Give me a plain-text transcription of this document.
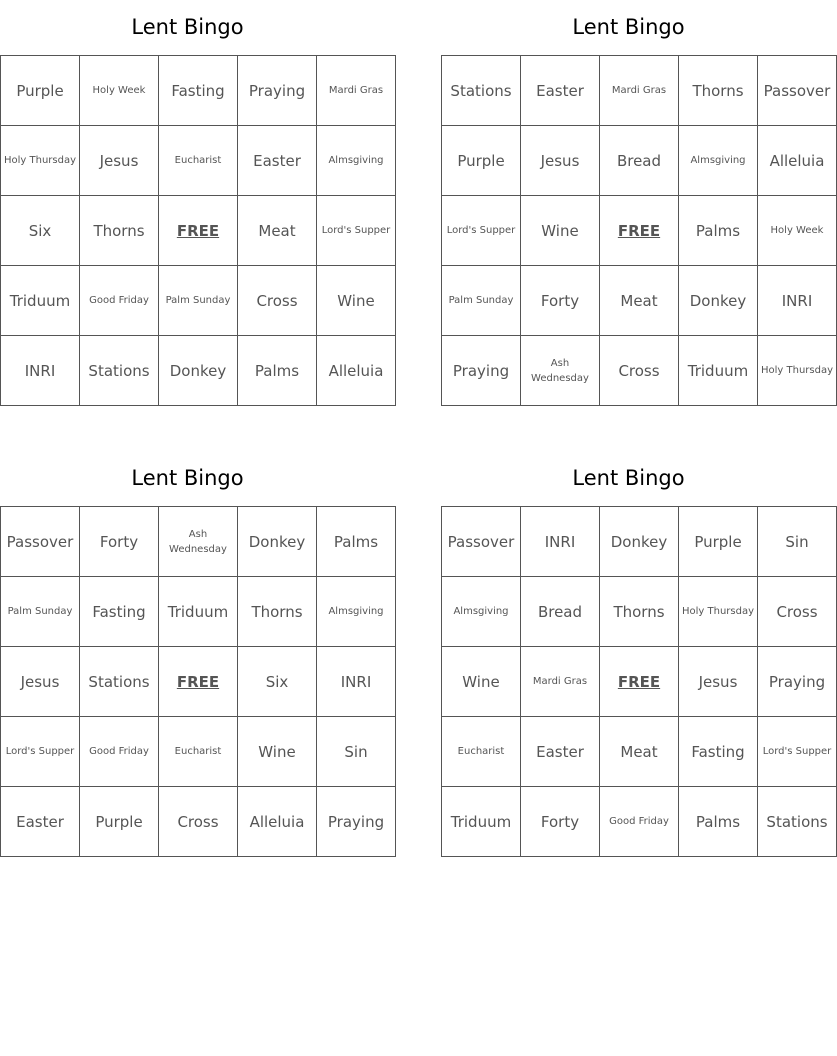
Lent Bingo
Purple	Holy Week	Fasting	Praying	Mardi Gras
Holy Thursday	Jesus	Eucharist	Easter	Almsgiving
Six	Thorns	FREE	Meat	Lord's Supper
Triduum	Good Friday	Palm Sunday	Cross	Wine
INRI	Stations	Donkey	Palms	Alleluia
Lent Bingo
Stations	Easter	Mardi Gras	Thorns	Passover
Purple	Jesus	Bread	Almsgiving	Alleluia
Lord's Supper	Wine	FREE	Palms	Holy Week
Palm Sunday	Forty	Meat	Donkey	INRI
Praying	Ash Wednesday	Cross	Triduum	Holy Thursday
Lent Bingo
Passover	Forty	Ash Wednesday	Donkey	Palms
Palm Sunday	Fasting	Triduum	Thorns	Almsgiving
Jesus	Stations	FREE	Six	INRI
Lord's Supper	Good Friday	Eucharist	Wine	Sin
Easter	Purple	Cross	Alleluia	Praying
Lent Bingo
Passover	INRI	Donkey	Purple	Sin
Almsgiving	Bread	Thorns	Holy Thursday	Cross
Wine	Mardi Gras	FREE	Jesus	Praying
Eucharist	Easter	Meat	Fasting	Lord's Supper
Triduum	Forty	Good Friday	Palms	Stations
